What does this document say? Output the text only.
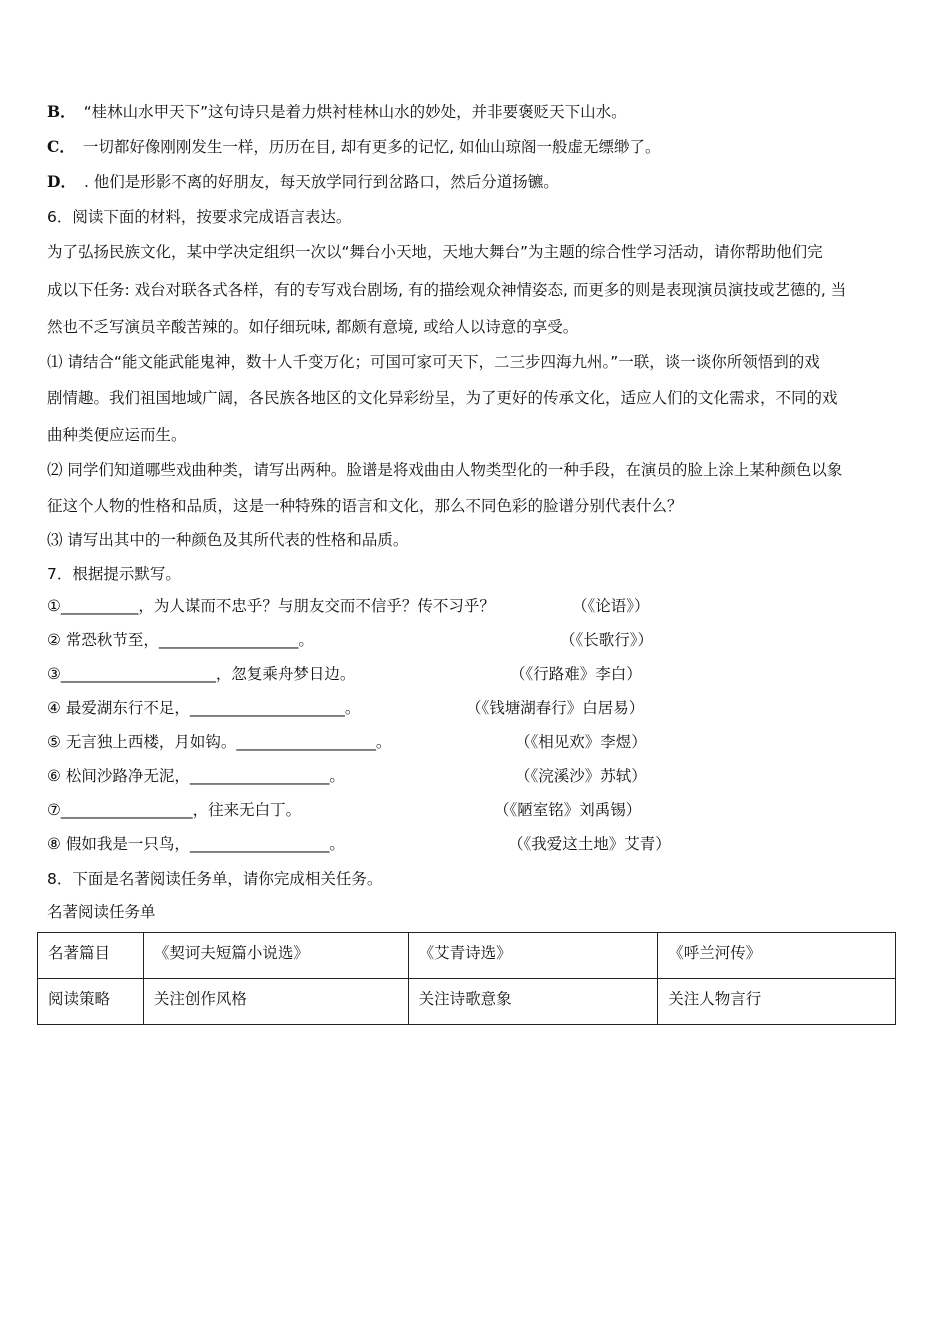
B． “桂林山水甲天下”这句诗只是着力烘衬桂林山水的妙处，并非要褒贬天下山水。
C． 一切都好像刚刚发生一样，历历在目, 却有更多的记忆, 如仙山琼阁一般虚无缥缈了。
D． . 他们是形影不离的好朋友，每天放学同行到岔路口，然后分道扬镳。
6．阅读下面的材料，按要求完成语言表达。
为了弘扬民族文化，某中学决定组织一次以“舞台小天地，天地大舞台”为主题的综合性学习活动，请你帮助他们完
成以下任务: 戏台对联各式各样，有的专写戏台剧场, 有的描绘观众神情姿态, 而更多的则是表现演员演技或艺德的, 当
然也不乏写演员辛酸苦辣的。如仔细玩味, 都颇有意境, 或给人以诗意的享受。
⑴ 请结合“能文能武能鬼神，数十人千变万化；可国可家可天下，二三步四海九州。”一联，谈一谈你所领悟到的戏
剧情趣。我们祖国地域广阔，各民族各地区的文化异彩纷呈，为了更好的传承文化，适应人们的文化需求，不同的戏
曲种类便应运而生。
⑵ 同学们知道哪些戏曲种类，请写出两种。脸谱是将戏曲由人物类型化的一种手段，在演员的脸上涂上某种颜色以象
征这个人物的性格和品质，这是一种特殊的语言和文化，那么不同色彩的脸谱分别代表什么？
⑶ 请写出其中的一种颜色及其所代表的性格和品质。
7．根据提示默写。
①__________，为人谋而不忠乎？与朋友交而不信乎？传不习乎？	（《论语》）
② 常恐秋节至，__________________。	（《长歌行》）
③____________________，忽复乘舟梦日边。	（《行路难》李白）
④ 最爱湖东行不足，____________________。	（《钱塘湖春行》白居易）
⑤ 无言独上西楼，月如钩。__________________。	（《相见欢》李煜）
⑥ 松间沙路净无泥，__________________。	（《浣溪沙》苏轼）
⑦_________________，往来无白丁。	（《陋室铭》刘禹锡）
⑧ 假如我是一只鸟，__________________。	（《我爱这土地》艾青）
8．下面是名著阅读任务单，请你完成相关任务。
名著阅读任务单
名著篇目	《契诃夫短篇小说选》	《艾青诗选》	《呼兰河传》
阅读策略	关注创作风格	关注诗歌意象	关注人物言行
